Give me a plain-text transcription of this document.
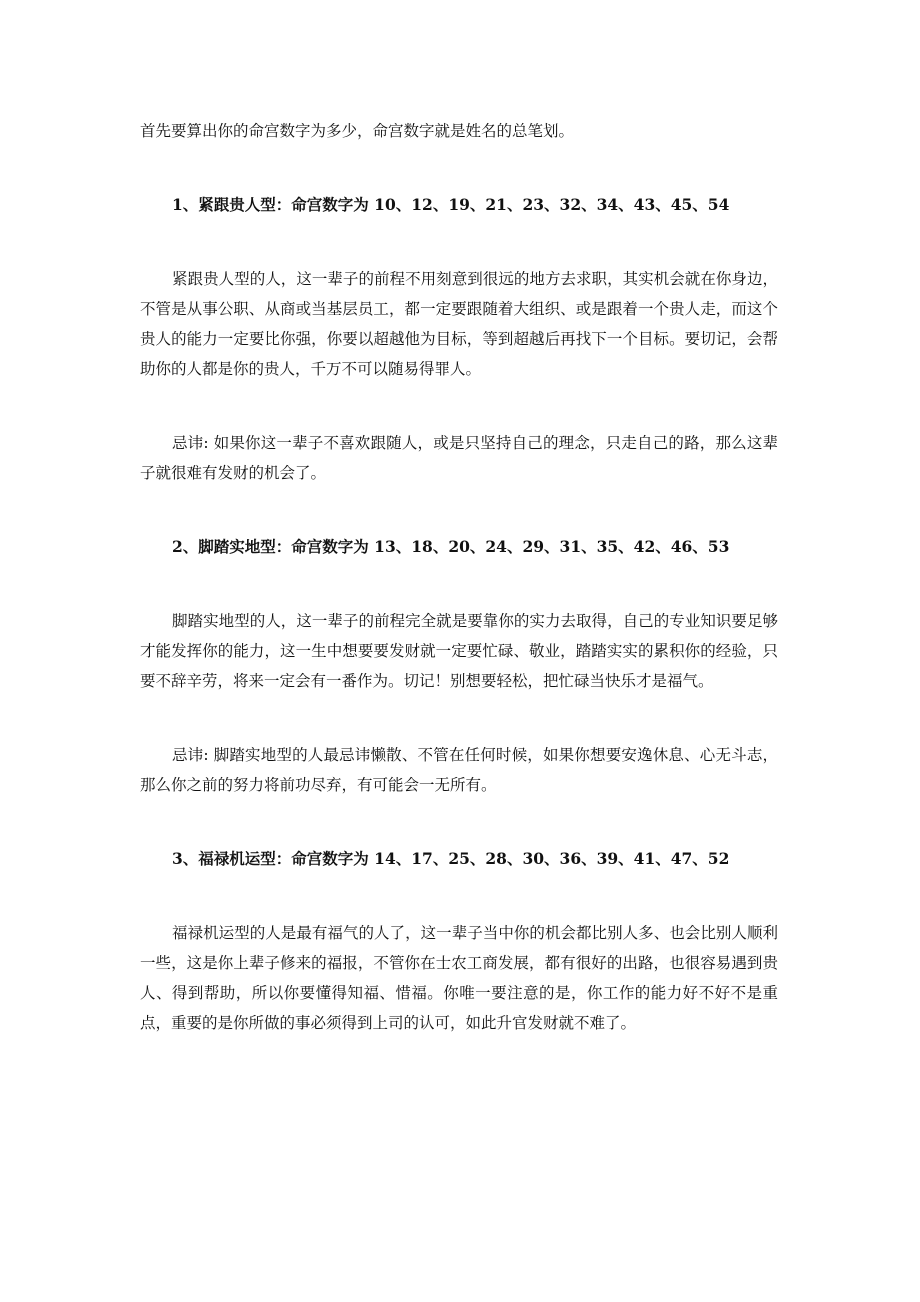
首先要算出你的命宫数字为多少，命宫数字就是姓名的总笔划。

1、紧跟贵人型：命宫数字为 10、12、19、21、23、32、34、43、45、54

紧跟贵人型的人，这一辈子的前程不用刻意到很远的地方去求职，其实机会就在你身边，不管是从事公职、从商或当基层员工，都一定要跟随着大组织、或是跟着一个贵人走，而这个贵人的能力一定要比你强，你要以超越他为目标，等到超越后再找下一个目标。要切记，会帮助你的人都是你的贵人，千万不可以随易得罪人。

忌讳: 如果你这一辈子不喜欢跟随人，或是只坚持自己的理念，只走自己的路，那么这辈子就很难有发财的机会了。

2、脚踏实地型：命宫数字为 13、18、20、24、29、31、35、42、46、53

脚踏实地型的人，这一辈子的前程完全就是要靠你的实力去取得，自己的专业知识要足够才能发挥你的能力，这一生中想要要发财就一定要忙碌、敬业，踏踏实实的累积你的经验，只要不辞辛劳，将来一定会有一番作为。切记！别想要轻松，把忙碌当快乐才是福气。

忌讳: 脚踏实地型的人最忌讳懒散、不管在任何时候，如果你想要安逸休息、心无斗志，那么你之前的努力将前功尽弃，有可能会一无所有。

3、福禄机运型：命宫数字为 14、17、25、28、30、36、39、41、47、52

福禄机运型的人是最有福气的人了，这一辈子当中你的机会都比别人多、也会比别人顺利一些，这是你上辈子修来的福报，不管你在士农工商发展，都有很好的出路，也很容易遇到贵人、得到帮助，所以你要懂得知福、惜福。你唯一要注意的是，你工作的能力好不好不是重点，重要的是你所做的事必须得到上司的认可，如此升官发财就不难了。
